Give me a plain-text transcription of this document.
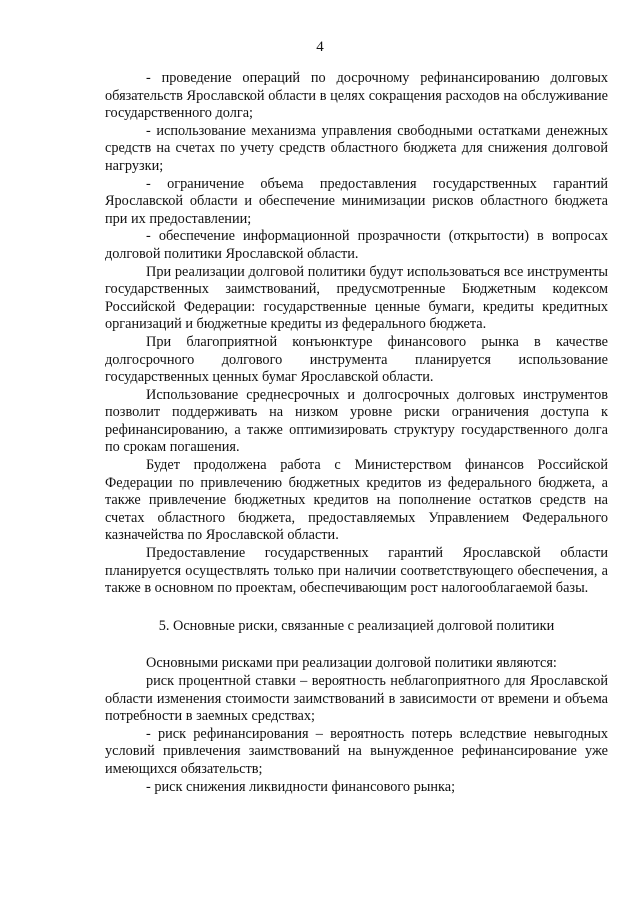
4

- проведение операций по досрочному рефинансированию долговых обязательств Ярославской области в целях сокращения расходов на обслуживание государственного долга;

- использование механизма управления свободными остатками денежных средств на счетах по учету средств областного бюджета для снижения долговой нагрузки;

- ограничение объема предоставления государственных гарантий Ярославской области и обеспечение минимизации рисков областного бюджета при их предоставлении;

- обеспечение информационной прозрачности (открытости) в вопросах долговой политики Ярославской области.

При реализации долговой политики будут использоваться все инструменты государственных заимствований, предусмотренные Бюджетным кодексом Российской Федерации: государственные ценные бумаги, кредиты кредитных организаций и бюджетные кредиты из федерального бюджета.

При благоприятной конъюнктуре финансового рынка в качестве долгосрочного долгового инструмента планируется использование государственных ценных бумаг Ярославской области.

Использование среднесрочных и долгосрочных долговых инструментов позволит поддерживать на низком уровне риски ограничения доступа к рефинансированию, а также оптимизировать структуру государственного долга по срокам погашения.

Будет продолжена работа с Министерством финансов Российской Федерации по привлечению бюджетных кредитов из федерального бюджета, а также привлечение бюджетных кредитов на пополнение остатков средств на счетах областного бюджета, предоставляемых Управлением Федерального казначейства по Ярославской области.

Предоставление государственных гарантий Ярославской области планируется осуществлять только при наличии соответствующего обеспечения, а также в основном по проектам, обеспечивающим рост налогооблагаемой базы.

5. Основные риски, связанные с реализацией долговой политики

Основными рисками при реализации долговой политики являются:

риск процентной ставки – вероятность неблагоприятного для Ярославской области изменения стоимости заимствований в зависимости от времени и объема потребности в заемных средствах;

- риск рефинансирования – вероятность потерь вследствие невыгодных условий привлечения заимствований на вынужденное рефинансирование уже имеющихся обязательств;

- риск снижения ликвидности финансового рынка;
